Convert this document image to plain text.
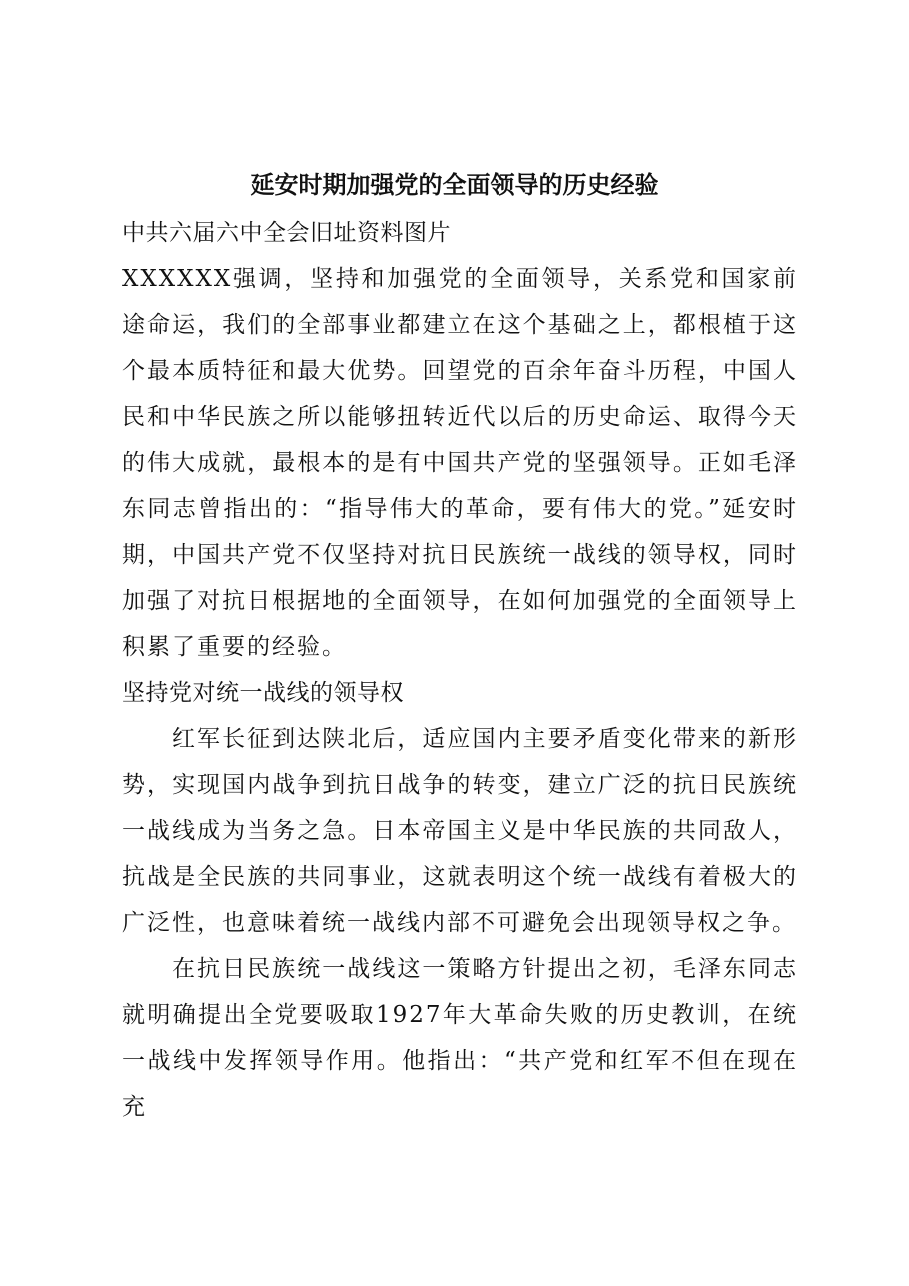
延安时期加强党的全面领导的历史经验

中共六届六中全会旧址资料图片

XXXXXX强调，坚持和加强党的全面领导，关系党和国家前途命运，我们的全部事业都建立在这个基础之上，都根植于这个最本质特征和最大优势。回望党的百余年奋斗历程，中国人民和中华民族之所以能够扭转近代以后的历史命运、取得今天的伟大成就，最根本的是有中国共产党的坚强领导。正如毛泽东同志曾指出的：“指导伟大的革命，要有伟大的党。”延安时期，中国共产党不仅坚持对抗日民族统一战线的领导权，同时加强了对抗日根据地的全面领导，在如何加强党的全面领导上积累了重要的经验。

坚持党对统一战线的领导权

红军长征到达陕北后，适应国内主要矛盾变化带来的新形势，实现国内战争到抗日战争的转变，建立广泛的抗日民族统一战线成为当务之急。日本帝国主义是中华民族的共同敌人，抗战是全民族的共同事业，这就表明这个统一战线有着极大的广泛性，也意味着统一战线内部不可避免会出现领导权之争。

在抗日民族统一战线这一策略方针提出之初，毛泽东同志就明确提出全党要吸取1927年大革命失败的历史教训，在统一战线中发挥领导作用。他指出：“共产党和红军不但在现在充
